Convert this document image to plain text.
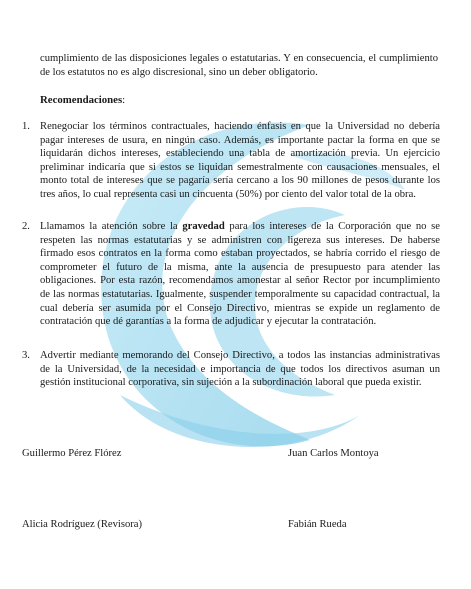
cumplimiento de las disposiciones legales o estatutarias. Y en consecuencia, el cumplimiento de los estatutos no es algo discresional, sino un deber obligatorio.

Recomendaciones:

1. Renegociar los términos contractuales, haciendo énfasis en que la Universidad no debería pagar intereses de usura, en ningún caso. Además, es importante pactar la forma en que se liquidarán dichos intereses, estableciendo una tabla de amortización previa. Un ejercicio preliminar indicaría que si estos se liquidan semestralmente con causaciones mensuales, el monto total de intereses que se pagaría sería cercano a los 90 millones de pesos durante los tres años, lo cual representa casi un cincuenta (50%) por ciento del valor total de la obra.

2. Llamamos la atención sobre la gravedad para los intereses de la Corporación que no se respeten las normas estatutarias y se administren con ligereza sus intereses. De haberse firmado esos contratos en la forma como estaban proyectados, se habría corrido el riesgo de comprometer el futuro de la misma, ante la ausencia de presupuesto para atender las obligaciones. Por esta razón, recomendamos amonestar al señor Rector por incumplimiento de las normas estatutarias. Igualmente, suspender temporalmente su capacidad contractual, la cual debería ser asumida por el Consejo Directivo, mientras se expide un reglamento de contratación que dé garantías a la forma de adjudicar y ejecutar la contratación.

3. Advertir mediante memorando del Consejo Directivo, a todos las instancias administrativas de la Universidad, de la necesidad e importancia de que todos los directivos asuman un gestión institucional corporativa, sin sujeción a la subordinación laboral que pueda existir.

Guillermo Pérez Flórez	Juan Carlos Montoya
Alicia Rodríguez (Revisora)	Fabián Rueda
